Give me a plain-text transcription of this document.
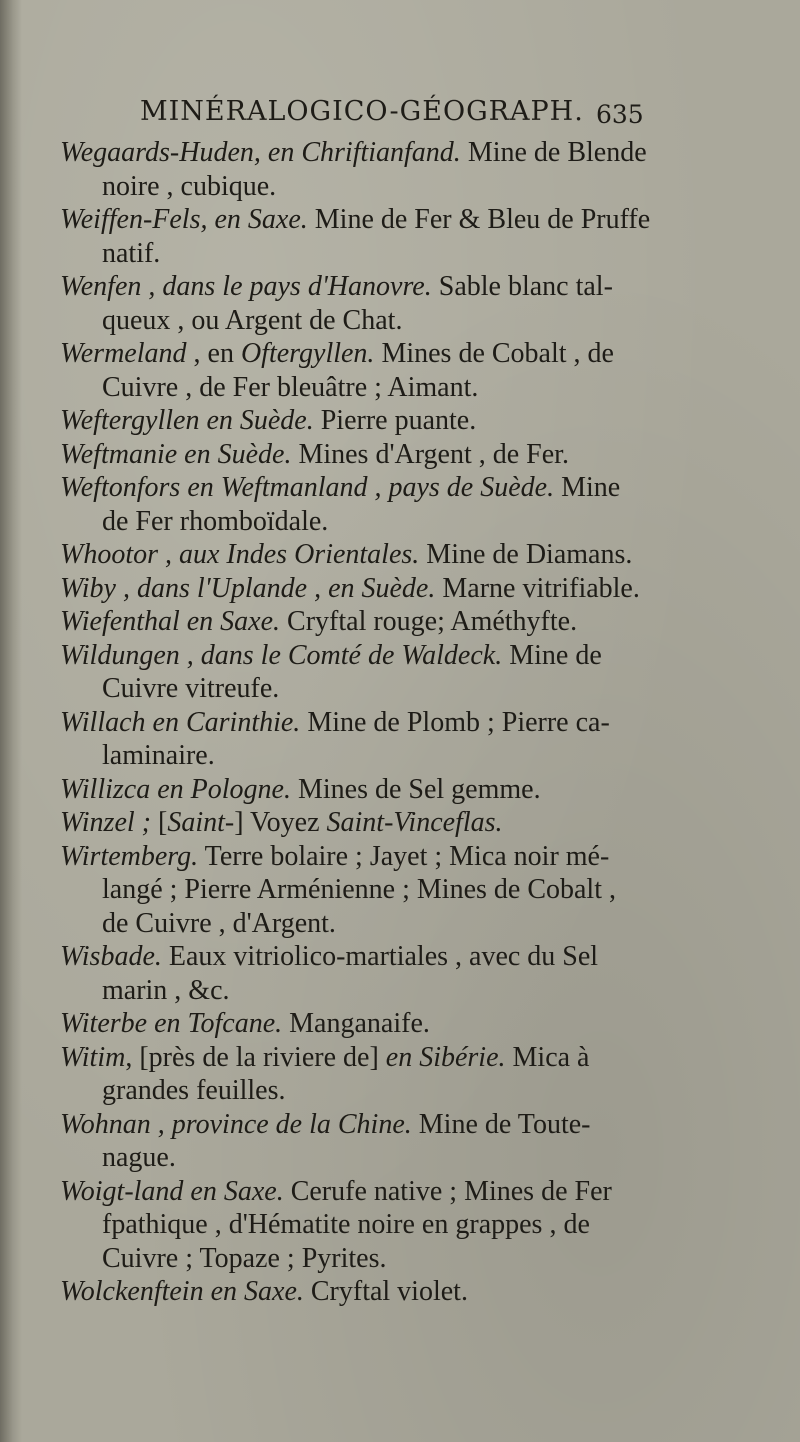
MINÉRALOGICO-GÉOGRAPH. 635
Wegaards-Huden, en Chriftianfand. Mine de Blende
noire , cubique.
Weiffen-Fels, en Saxe. Mine de Fer & Bleu de Pruffe
natif.
Wenfen , dans le pays d'Hanovre. Sable blanc tal-
queux , ou Argent de Chat.
Wermeland , en Oftergyllen. Mines de Cobalt , de
Cuivre , de Fer bleuâtre ; Aimant.
Weftergyllen en Suède. Pierre puante.
Weftmanie en Suède. Mines d'Argent , de Fer.
Weftonfors en Weftmanland , pays de Suède. Mine
de Fer rhomboïdale.
Whootor , aux Indes Orientales. Mine de Diamans.
Wiby , dans l'Uplande , en Suède. Marne vitrifiable.
Wiefenthal en Saxe. Cryftal rouge; Améthyfte.
Wildungen , dans le Comté de Waldeck. Mine de
Cuivre vitreufe.
Willach en Carinthie. Mine de Plomb ; Pierre ca-
laminaire.
Willizca en Pologne. Mines de Sel gemme.
Winzel ; [Saint-] Voyez Saint-Vinceflas.
Wirtemberg. Terre bolaire ; Jayet ; Mica noir mé-
langé ; Pierre Arménienne ; Mines de Cobalt ,
de Cuivre , d'Argent.
Wisbade. Eaux vitriolico-martiales , avec du Sel
marin , &c.
Witerbe en Tofcane. Manganaife.
Witim, [près de la riviere de] en Sibérie. Mica à
grandes feuilles.
Wohnan , province de la Chine. Mine de Toute-
nague.
Woigt-land en Saxe. Cerufe native ; Mines de Fer
fpathique , d'Hématite noire en grappes , de
Cuivre ; Topaze ; Pyrites.
Wolckenftein en Saxe. Cryftal violet.
